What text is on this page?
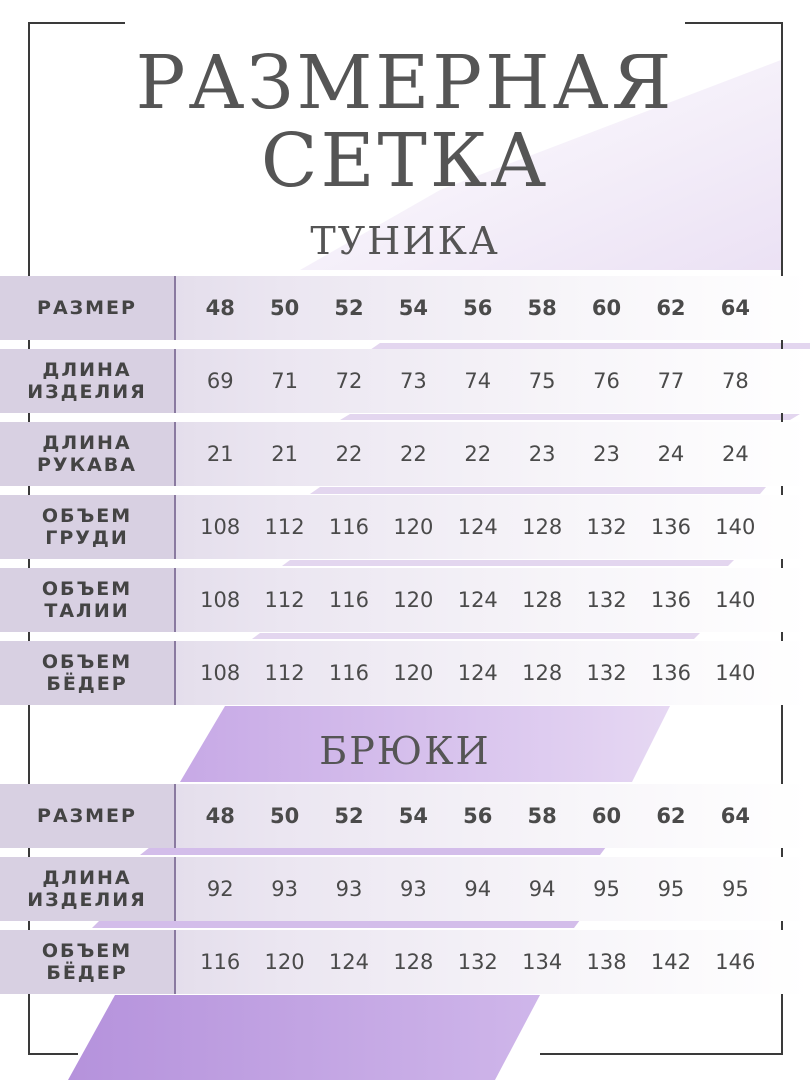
РАЗМЕРНАЯ
СЕТКА
ТУНИКА
РАЗМЕР	48	50	52	54	56	58	60	62	64
ДЛИНА
ИЗДЕЛИЯ	69	71	72	73	74	75	76	77	78
ДЛИНА
РУКАВА	21	21	22	22	22	23	23	24	24
ОБЪЕМ
ГРУДИ	108	112	116	120	124	128	132	136	140
ОБЪЕМ
ТАЛИИ	108	112	116	120	124	128	132	136	140
ОБЪЕМ
БЁДЕР	108	112	116	120	124	128	132	136	140
БРЮКИ
РАЗМЕР	48	50	52	54	56	58	60	62	64
ДЛИНА
ИЗДЕЛИЯ	92	93	93	93	94	94	95	95	95
ОБЪЕМ
БЁДЕР	116	120	124	128	132	134	138	142	146
